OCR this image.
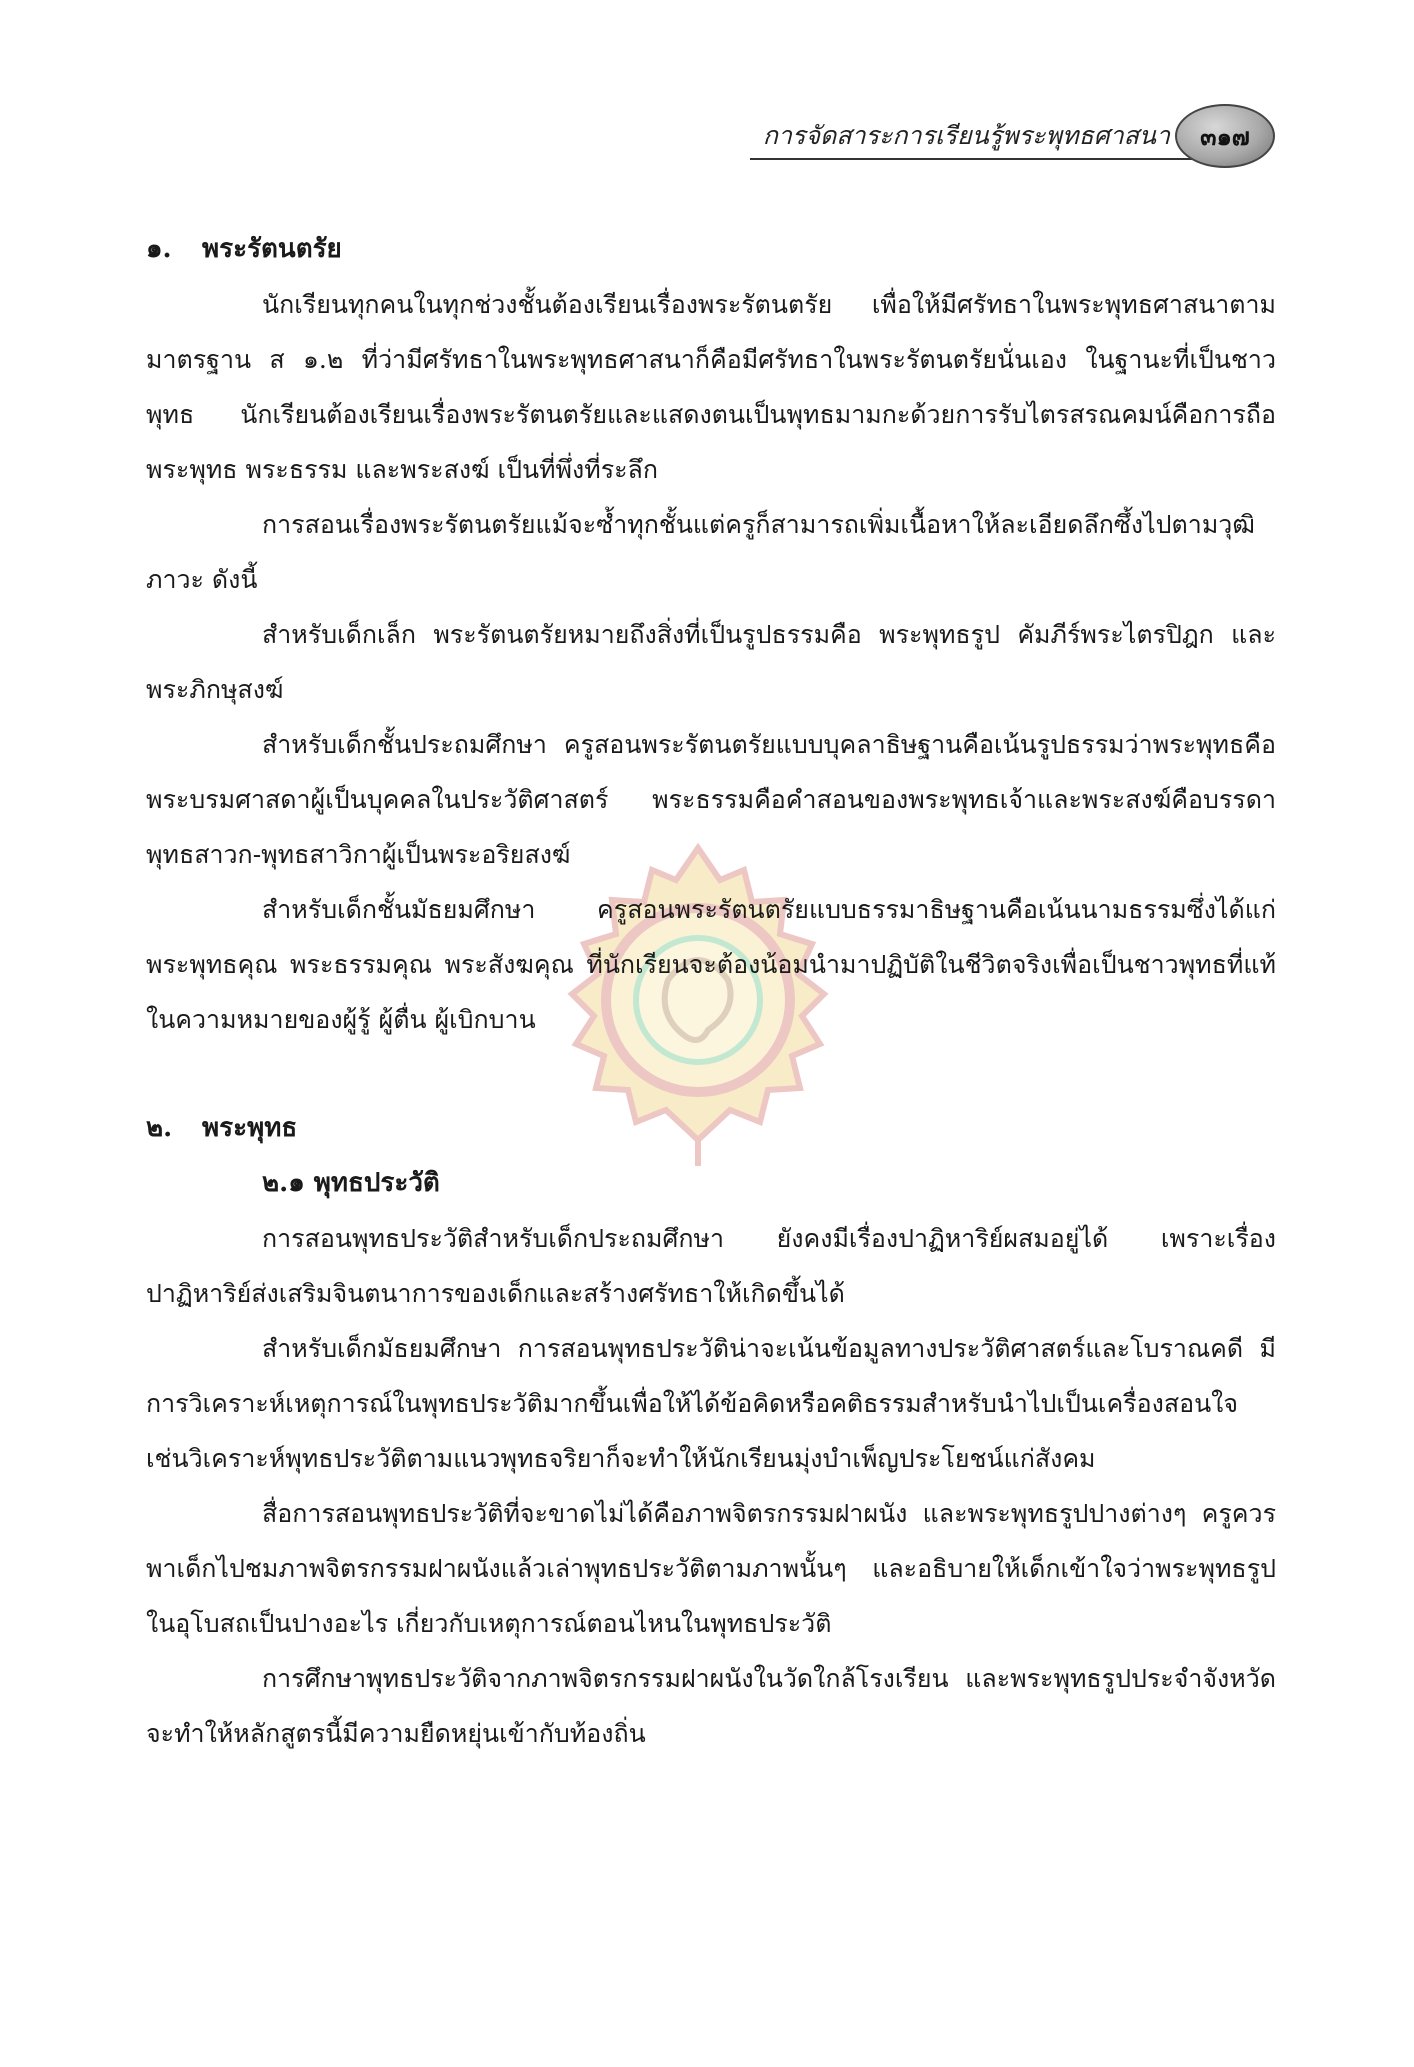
การจัดสาระการเรียนรู้พระพุทธศาสนา	๓๑๗

๑. พระรัตนตรัย

นักเรียนทุกคนในทุกช่วงชั้นต้องเรียนเรื่องพระรัตนตรัย เพื่อให้มีศรัทธาในพระพุทธศาสนาตามมาตรฐาน ส ๑.๒ ที่ว่ามีศรัทธาในพระพุทธศาสนาก็คือมีศรัทธาในพระรัตนตรัยนั่นเอง ในฐานะที่เป็นชาวพุทธ นักเรียนต้องเรียนเรื่องพระรัตนตรัยและแสดงตนเป็นพุทธมามกะด้วยการรับไตรสรณคมน์คือการถือพระพุทธ พระธรรม และพระสงฆ์ เป็นที่พึ่งที่ระลึก

การสอนเรื่องพระรัตนตรัยแม้จะซ้ำทุกชั้นแต่ครูก็สามารถเพิ่มเนื้อหาให้ละเอียดลึกซึ้งไปตามวุฒิภาวะ ดังนี้

สำหรับเด็กเล็ก พระรัตนตรัยหมายถึงสิ่งที่เป็นรูปธรรมคือ พระพุทธรูป คัมภีร์พระไตรปิฎก และพระภิกษุสงฆ์

สำหรับเด็กชั้นประถมศึกษา ครูสอนพระรัตนตรัยแบบบุคลาธิษฐานคือเน้นรูปธรรมว่าพระพุทธคือพระบรมศาสดาผู้เป็นบุคคลในประวัติศาสตร์ พระธรรมคือคำสอนของพระพุทธเจ้าและพระสงฆ์คือบรรดาพุทธสาวก-พุทธสาวิกาผู้เป็นพระอริยสงฆ์

สำหรับเด็กชั้นมัธยมศึกษา ครูสอนพระรัตนตรัยแบบธรรมาธิษฐานคือเน้นนามธรรมซึ่งได้แก่พระพุทธคุณ พระธรรมคุณ พระสังฆคุณ ที่นักเรียนจะต้องน้อมนำมาปฏิบัติในชีวิตจริงเพื่อเป็นชาวพุทธที่แท้ในความหมายของผู้รู้ ผู้ตื่น ผู้เบิกบาน

๒. พระพุทธ

๒.๑ พุทธประวัติ

การสอนพุทธประวัติสำหรับเด็กประถมศึกษา ยังคงมีเรื่องปาฏิหาริย์ผสมอยู่ได้ เพราะเรื่องปาฏิหาริย์ส่งเสริมจินตนาการของเด็กและสร้างศรัทธาให้เกิดขึ้นได้

สำหรับเด็กมัธยมศึกษา การสอนพุทธประวัติน่าจะเน้นข้อมูลทางประวัติศาสตร์และโบราณคดี มีการวิเคราะห์เหตุการณ์ในพุทธประวัติมากขึ้นเพื่อให้ได้ข้อคิดหรือคติธรรมสำหรับนำไปเป็นเครื่องสอนใจ เช่นวิเคราะห์พุทธประวัติตามแนวพุทธจริยาก็จะทำให้นักเรียนมุ่งบำเพ็ญประโยชน์แก่สังคม

สื่อการสอนพุทธประวัติที่จะขาดไม่ได้คือภาพจิตรกรรมฝาผนัง และพระพุทธรูปปางต่างๆ ครูควรพาเด็กไปชมภาพจิตรกรรมฝาผนังแล้วเล่าพุทธประวัติตามภาพนั้นๆ และอธิบายให้เด็กเข้าใจว่าพระพุทธรูปในอุโบสถเป็นปางอะไร เกี่ยวกับเหตุการณ์ตอนไหนในพุทธประวัติ

การศึกษาพุทธประวัติจากภาพจิตรกรรมฝาผนังในวัดใกล้โรงเรียน และพระพุทธรูปประจำจังหวัดจะทำให้หลักสูตรนี้มีความยืดหยุ่นเข้ากับท้องถิ่น
